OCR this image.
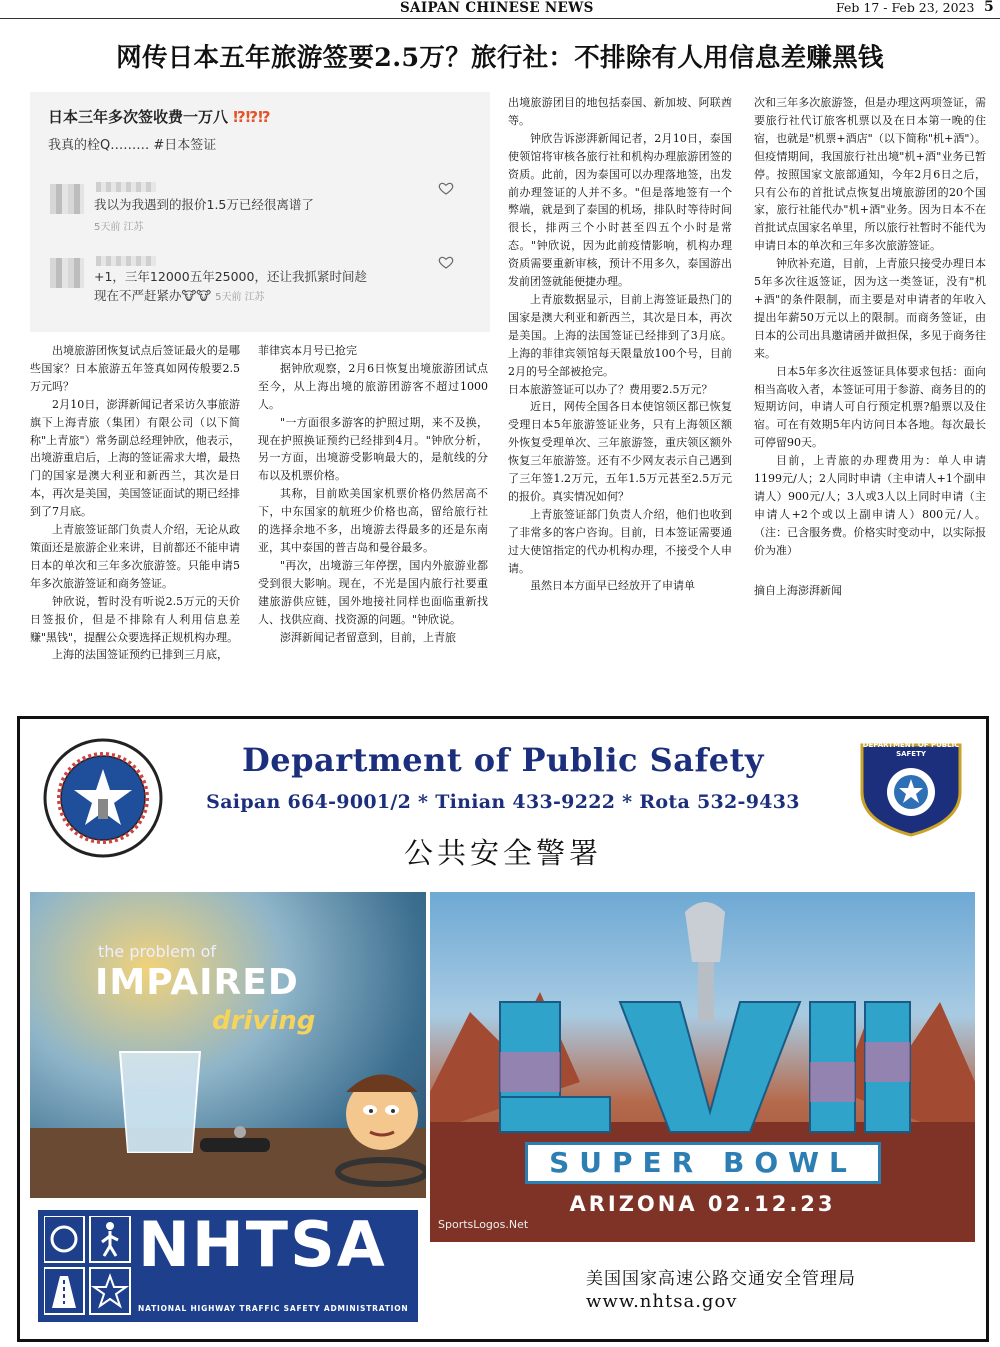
SAIPAN CHINESE NEWS	Feb 17 - Feb 23, 2023 5
网传日本五年旅游签要2.5万？旅行社：不排除有人用信息差赚黑钱
日本三年多次签收费一万八 ⁉⁉⁉
我真的栓Q……… #日本签证
我以为我遇到的报价1.5万已经很离谱了
5天前 江苏
+1，三年12000五年25000，还让我抓紧时间趁
现在不严赶紧办🐮🐮 5天前 江苏

出境旅游团恢复试点后签证最火的是哪些国家？日本旅游五年签真如网传般要2.5万元吗？

2月10日，澎湃新闻记者采访久事旅游旗下上海青旅（集团）有限公司（以下简称"上青旅"）常务副总经理钟欣，他表示，出境游重启后，上海的签证需求大增，最热门的国家是澳大利亚和新西兰，其次是日本，再次是美国，美国签证面试的期已经排到了7月底。

上青旅签证部门负责人介绍，无论从政策面还是旅游企业来讲，目前都还不能申请日本的单次和三年多次旅游签。只能申请5年多次旅游签证和商务签证。

钟欣说，暂时没有听说2.5万元的天价日签报价，但是不排除有人利用信息差赚"黑钱"，提醒公众要选择正规机构办理。

上海的法国签证预约已排到三月底，

菲律宾本月号已抢完

据钟欣观察，2月6日恢复出境旅游团试点至今，从上海出境的旅游团游客不超过1000人。

"一方面很多游客的护照过期，来不及换，现在护照换证预约已经排到4月。"钟欣分析，另一方面，出境游受影响最大的，是航线的分布以及机票价格。

其称，目前欧美国家机票价格仍然居高不下，中东国家的航班少价格也高，留给旅行社的选择余地不多，出境游去得最多的还是东南亚，其中泰国的普吉岛和曼谷最多。

"再次，出境游三年停摆，国内外旅游业都受到很大影响。现在，不光是国内旅行社要重建旅游供应链，国外地接社同样也面临重新找人、找供应商、找资源的问题。"钟欣说。

澎湃新闻记者留意到，目前，上青旅

出境旅游团目的地包括泰国、新加坡、阿联酋等。

钟欣告诉澎湃新闻记者，2月10日，泰国使领馆将审核各旅行社和机构办理旅游团签的资质。此前，因为泰国可以办理落地签，出发前办理签证的人并不多。"但是落地签有一个弊端，就是到了泰国的机场，排队时等待时间很长，排两三个小时甚至四五个小时是常态。"钟欣说，因为此前疫情影响，机构办理资质需要重新审核，预计不用多久，泰国游出发前团签就能便捷办理。

上青旅数据显示，目前上海签证最热门的国家是澳大利亚和新西兰，其次是日本，再次是美国。上海的法国签证已经排到了3月底。上海的菲律宾领馆每天限量放100个号，目前2月的号全部被抢完。

日本旅游签证可以办了？费用要2.5万元？

近日，网传全国各日本使馆领区都已恢复受理日本5年旅游签证业务，只有上海领区额外恢复受理单次、三年旅游签，重庆领区额外恢复三年旅游签。还有不少网友表示自己遇到了三年签1.2万元，五年1.5万元甚至2.5万元的报价。真实情况如何？

上青旅签证部门负责人介绍，他们也收到了非常多的客户咨询。目前，日本签证需要通过大使馆指定的代办机构办理，不接受个人申请。

虽然日本方面早已经放开了申请单

次和三年多次旅游签，但是办理这两项签证，需要旅行社代订旅客机票以及在日本第一晚的住宿，也就是"机票+酒店"（以下简称"机+酒"）。但疫情期间，我国旅行社出境"机+酒"业务已暂停。按照国家文旅部通知，今年2月6日之后，只有公布的首批试点恢复出境旅游团的20个国家，旅行社能代办"机+酒"业务。因为日本不在首批试点国家名单里，所以旅行社暂时不能代为申请日本的单次和三年多次旅游签证。

钟欣补充道，目前，上青旅只接受办理日本5年多次往返签证，因为这一类签证，没有"机+酒"的条件限制，而主要是对申请者的年收入提出年薪50万元以上的限制。而商务签证，由日本的公司出具邀请函并做担保，多见于商务往来。

日本5年多次往返签证具体要求包括：面向相当高收入者，本签证可用于参游、商务目的的短期访问，申请人可自行预定机票?船票以及住宿。可在有效期5年内访问日本各地。每次最长可停留90天。

目前，上青旅的办理费用为：单人申请1199元/人；2人同时申请（主申请人+1个副申请人）900元/人；3人或3人以上同时申请（主申请人+2个或以上副申请人）800元/人。（注：已含服务费。价格实时变动中，以实际报价为准）

摘自上海澎湃新闻

DEPARTMENT OF PUBLIC SAFETY
Department of Public Safety
Saipan 664-9001/2 * Tinian 433-9222 * Rota 532-9433
公共安全警署
the problem of
IMPAIRED
driving
SUPER BOWL
ARIZONA 02.12.23
SportsLogos.Net
NHTSA
NATIONAL HIGHWAY TRAFFIC SAFETY ADMINISTRATION
美国国家高速公路交通安全管理局
www.nhtsa.gov
